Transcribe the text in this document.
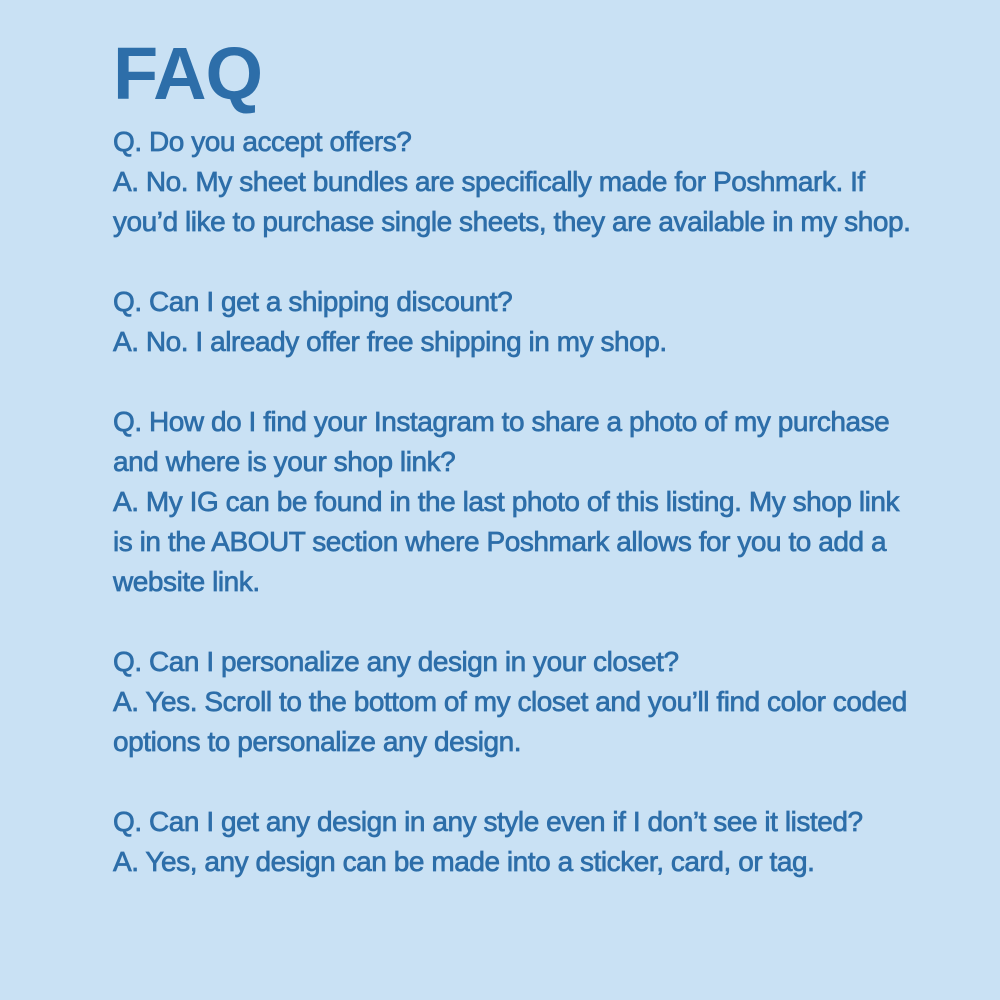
FAQ

Q. Do you accept offers?

A. No. My sheet bundles are specifically made for Poshmark. If you’d like to purchase single sheets, they are available in my shop.

Q. Can I get a shipping discount?

A. No. I already offer free shipping in my shop.

Q. How do I find your Instagram to share a photo of my purchase and where is your shop link?

A. My IG can be found in the last photo of this listing. My shop link is in the ABOUT section where Poshmark allows for you to add a website link.

Q. Can I personalize any design in your closet?

A. Yes. Scroll to the bottom of my closet and you’ll find color coded options to personalize any design.

Q. Can I get any design in any style even if I don’t see it listed?

A. Yes, any design can be made into a sticker, card, or tag.
